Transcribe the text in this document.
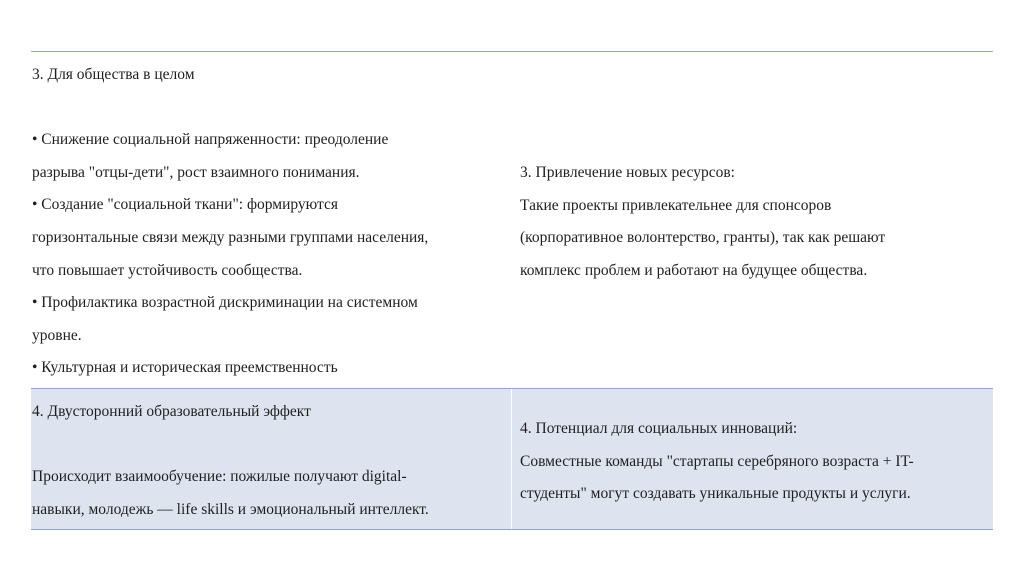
3. Для общества в целом
• Снижение социальной напряженности: преодоление
разрыва "отцы-дети", рост взаимного понимания.
• Создание "социальной ткани": формируются
горизонтальные связи между разными группами населения,
что повышает устойчивость сообщества.
• Профилактика возрастной дискриминации на системном
уровне.
• Культурная и историческая преемственность
3. Привлечение новых ресурсов:
Такие проекты привлекательнее для спонсоров
(корпоративное волонтерство, гранты), так как решают
комплекс проблем и работают на будущее общества.
4. Двусторонний образовательный эффект
Происходит взаимообучение: пожилые получают digital-
навыки, молодежь — life skills и эмоциональный интеллект.
4. Потенциал для социальных инноваций:
Совместные команды "стартапы серебряного возраста + IT-
студенты" могут создавать уникальные продукты и услуги.
